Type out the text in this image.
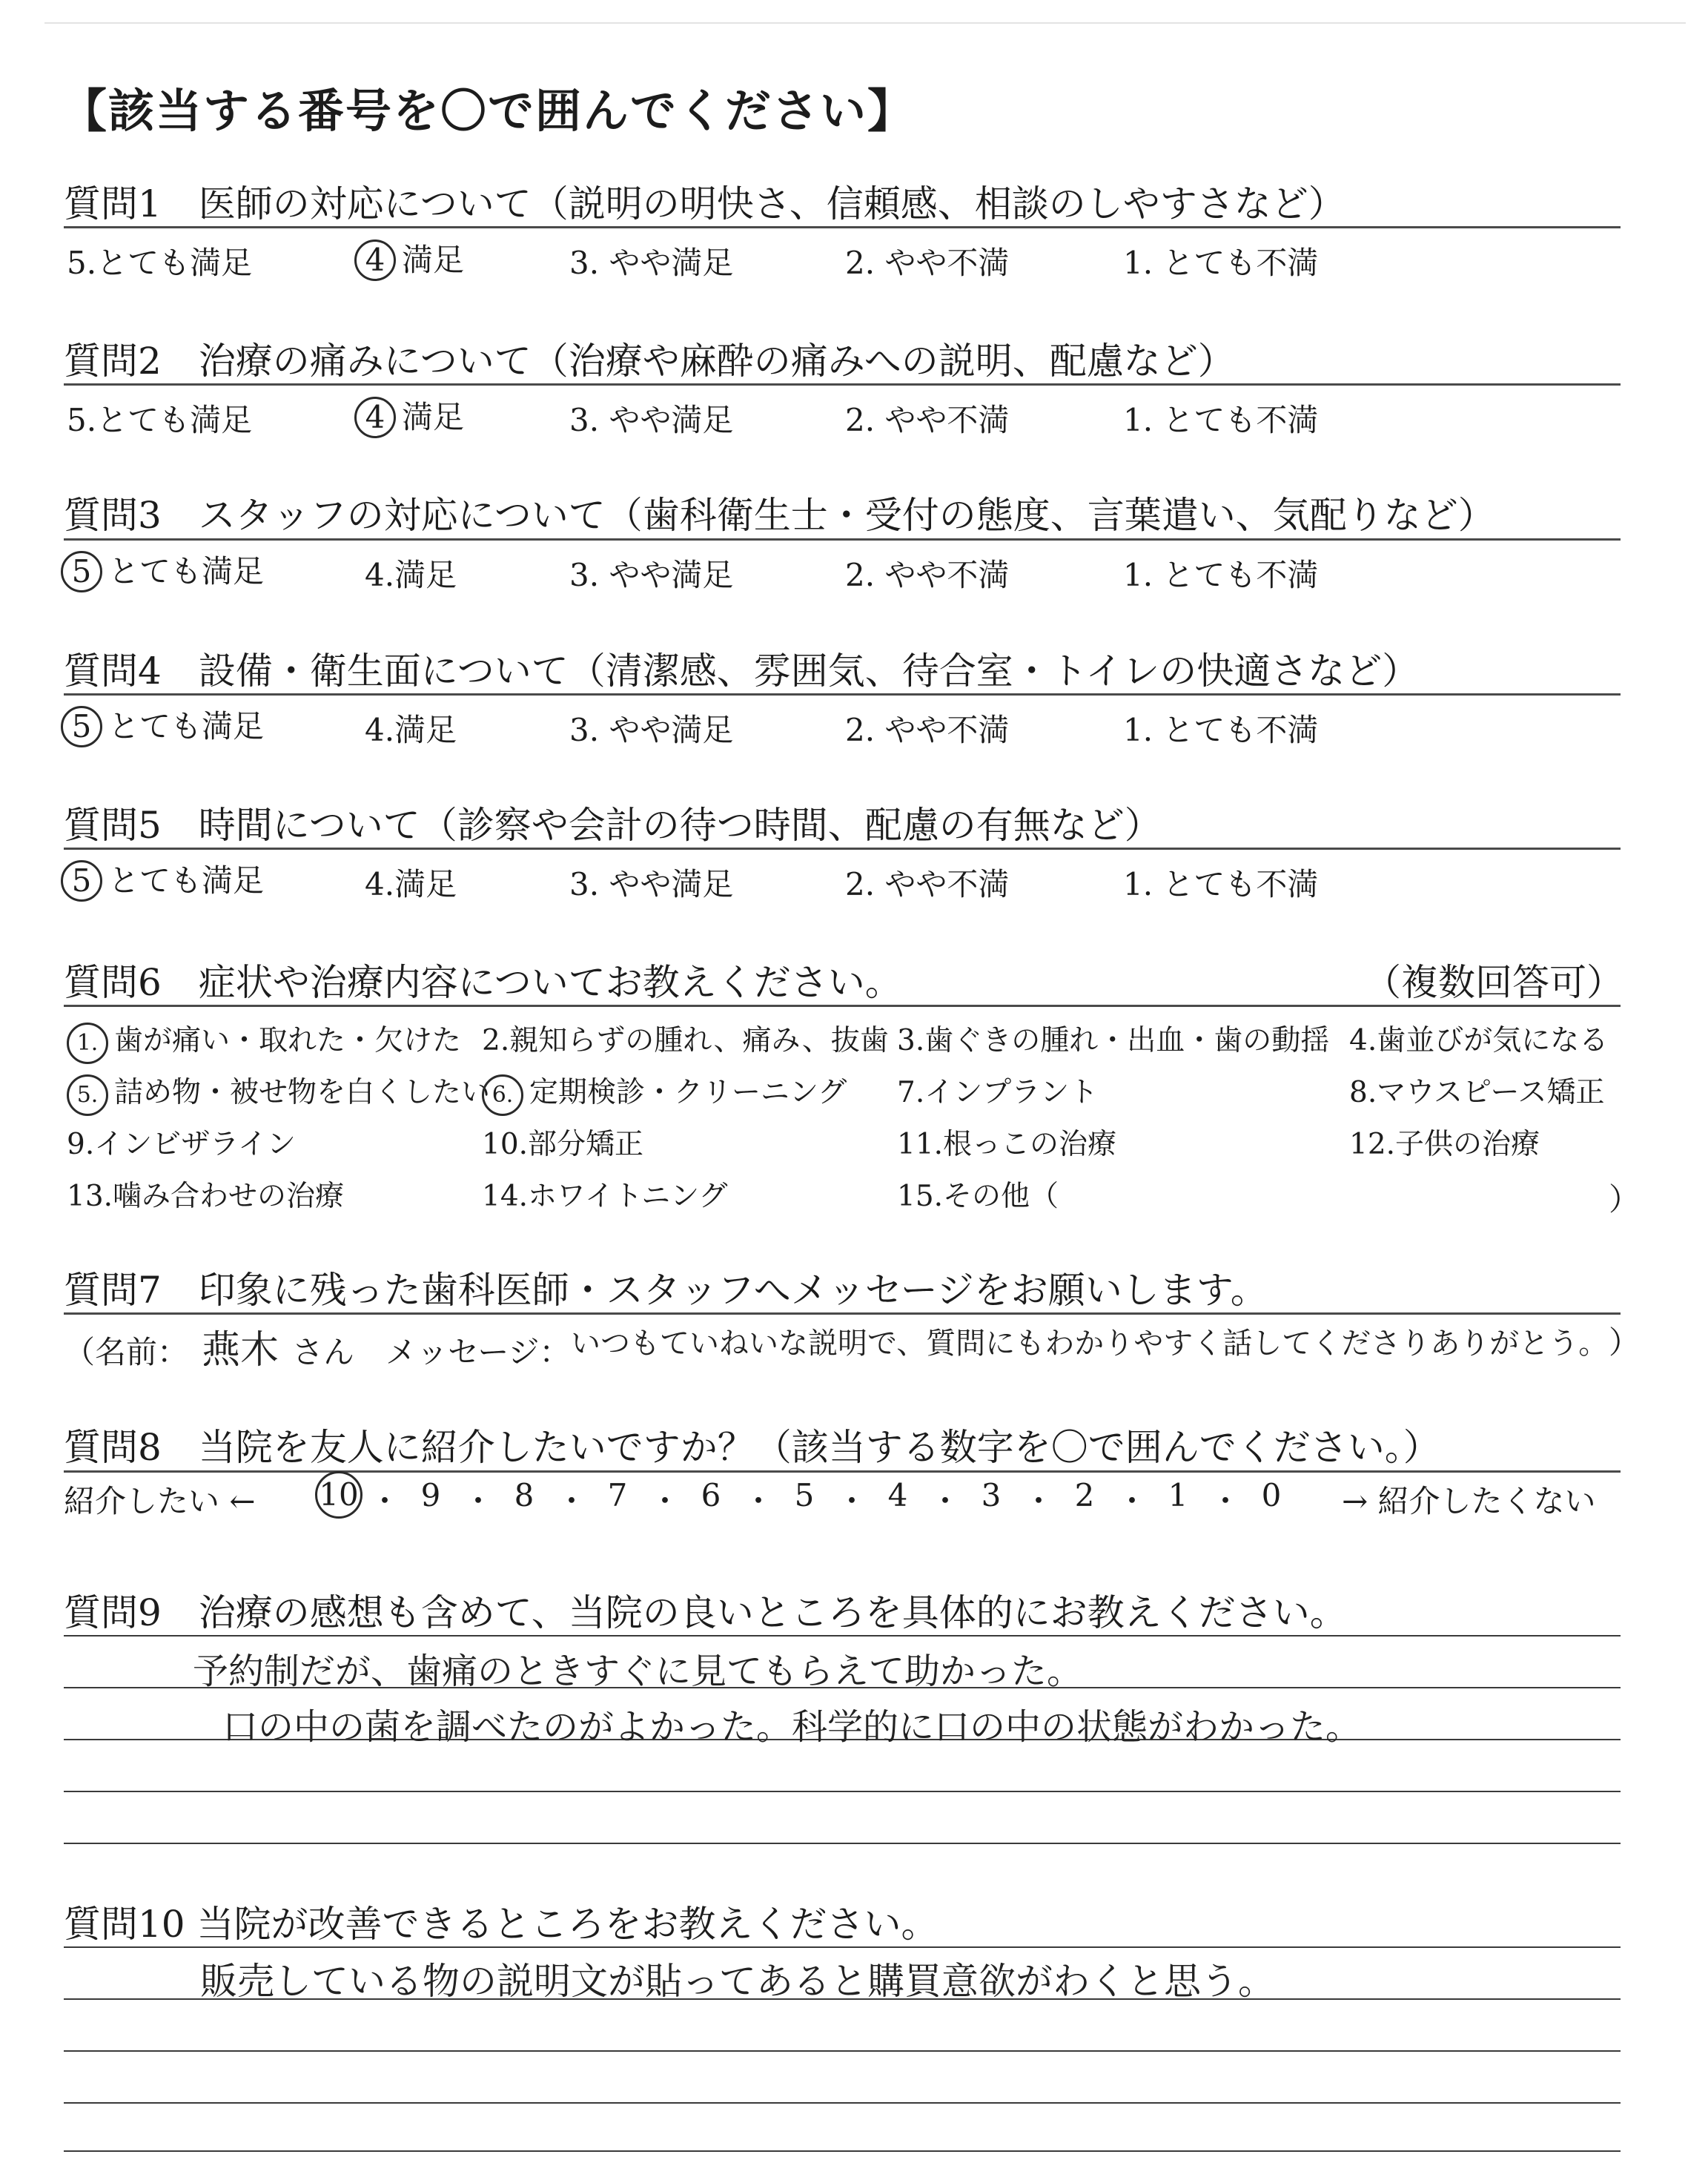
【該当する番号を〇で囲んでください】
質問1　医師の対応について（説明の明快さ、信頼感、相談のしやすさなど）
5.とても満足	4 満足	3. やや満足	2. やや不満	1. とても不満
質問2　治療の痛みについて（治療や麻酔の痛みへの説明、配慮など）
5.とても満足	4 満足	3. やや満足	2. やや不満	1. とても不満
質問3　スタッフの対応について（歯科衛生士・受付の態度、言葉遣い、気配りなど）
5 とても満足	4.満足	3. やや満足	2. やや不満	1. とても不満
質問4　設備・衛生面について（清潔感、雰囲気、待合室・トイレの快適さなど）
5 とても満足	4.満足	3. やや満足	2. やや不満	1. とても不満
質問5　時間について（診察や会計の待つ時間、配慮の有無など）
5 とても満足	4.満足	3. やや満足	2. やや不満	1. とても不満
質問6　症状や治療内容についてお教えください。	（複数回答可）
1. 歯が痛い・取れた・欠けた 2.親知らずの腫れ、痛み、抜歯 3.歯ぐきの腫れ・出血・歯の動揺 4.歯並びが気になる
5. 詰め物・被せ物を白くしたい 6. 定期検診・クリーニング 7.インプラント	8.マウスピース矯正
9.インビザライン	10.部分矯正	11.根っこの治療	12.子供の治療
13.噛み合わせの治療	14.ホワイトニング	15.その他（	）
質問7　印象に残った歯科医師・スタッフへメッセージをお願いします。
（名前： 燕木 さん　メッセージ： いつもていねいな説明で、質問にもわかりやすく話してくださりありがとう。 ）
質問8　当院を友人に紹介したいですか？（該当する数字を〇で囲んでください。）
紹介したい ← 10 ・ 9 ・ 8 ・ 7 ・ 6 ・ 5 ・ 4 ・ 3 ・ 2 ・ 1 ・ 0	→ 紹介したくない
質問9　治療の感想も含めて、当院の良いところを具体的にお教えください。
予約制だが、歯痛のときすぐに見てもらえて助かった。
口の中の菌を調べたのがよかった。科学的に口の中の状態がわかった。
質問10 当院が改善できるところをお教えください。
販売している物の説明文が貼ってあると購買意欲がわくと思う。
